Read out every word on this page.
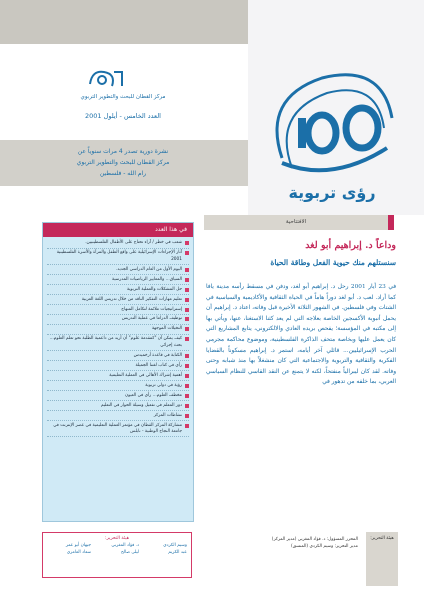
رؤى تربوية
مركز القطان للبحث والتطوير التربوي
العدد الخامس - أيلول 2001
نشرة دورية تصدر 4 مرات سنوياً عن
مركز القطان للبحث والتطوير التربوي
رام الله - فلسطين
في هذا العدد
شعب في خطر / آراء تحتاج على الأطفال الفلسطينيين.
آثار الإجراءات الإسرائيلية على واقع الطفل والمرأة والأسرة الفلسطينية 2001
اليوم الأول من العام الدراسي الجديد.
السياق... والمعايير الرياضيات المدرسية
حل المشكلات والعملية التربوية
تعليم مهارات التفكير الناقد من خلال تدريس اللغة العربية
إستراتيجيات ملائمة لتكامل المنهاج
توظيف الدراما في عملية التدريس
التخيلات الموجهة
كيف يمكن أن "كمقدمة علوم" أن أريد من داعمية الطلبة نحو تعلم العلوم... بحث إجرائي
الكتابة في قاعدة أرخميدس
رأي في كتاب لغتنا الجميلة
أهمية إشراك الأهالي في العملية التعليمية
رؤية في دولي تربوية
مخطف العلوم... رأي في العيون
دور المعلم في تفعيل وسيلة الحوار في التعليم
نشاطات المركز
مشاركة المركز القطان في مؤتمر العملية التعليمية في عصر الإنترنت في جامعة النجاح الوطنية - نابلس
الافتتاحية
وداعاً د. إبراهيم أبو لغد
سنستلهم منك حيوية الفعل وطاقة الحياة
في 23 أيار 2001 رحل د. إبراهيم أبو لغد، ودفن في مسقط رأسه مدينة يافا كما أراد. لعب د. أبو لغد دوراً هاماً في الحياة الثقافية والأكاديمية والسياسية في الشتات وفي فلسطين. في الشهور الثلاثة الأخيرة قبل وفاته، اعتاد د. إبراهيم أن يحمل أنبوبة الأكسجين الخاصة بعلاجه التي لم يعد كثنا الاستغنا، عنها، ويأتي بها إلى مكتبه في المؤسسة؛ يفحص بريده العادي والالكتروني، يتابع المشاريع التي كان يعمل عليها وبخاصة متحف الذاكرة الفلسطينية، وموضوع محاكمة مجرمي الحرب الإسرائيليين... قائلي آخر أيامه، استمر د. إبراهيم مسكوناً بالقضايا الفكرية والثقافية والتربوية والاجتماعية التي كان منشغلاً بها منذ شبابه وحتى وفاته. لقد كان ليبرالياً منفتحاً، لكنه لا يتمنع عن النقد القاسي للنظام السياسي العربي، بما خلفه من تدهور في
هيئة التحرير:
المحرر المسؤول: د. فؤاد المغربي (مدير المركز)
مدير التحرير: وسيم الكردي (المنسق)
هيئة التحرير:
وسيم الكردي
د. فؤاد المغربي
جيهان أبو عمر
عبد الكريم
ليلى صالح
سعاد العامري
